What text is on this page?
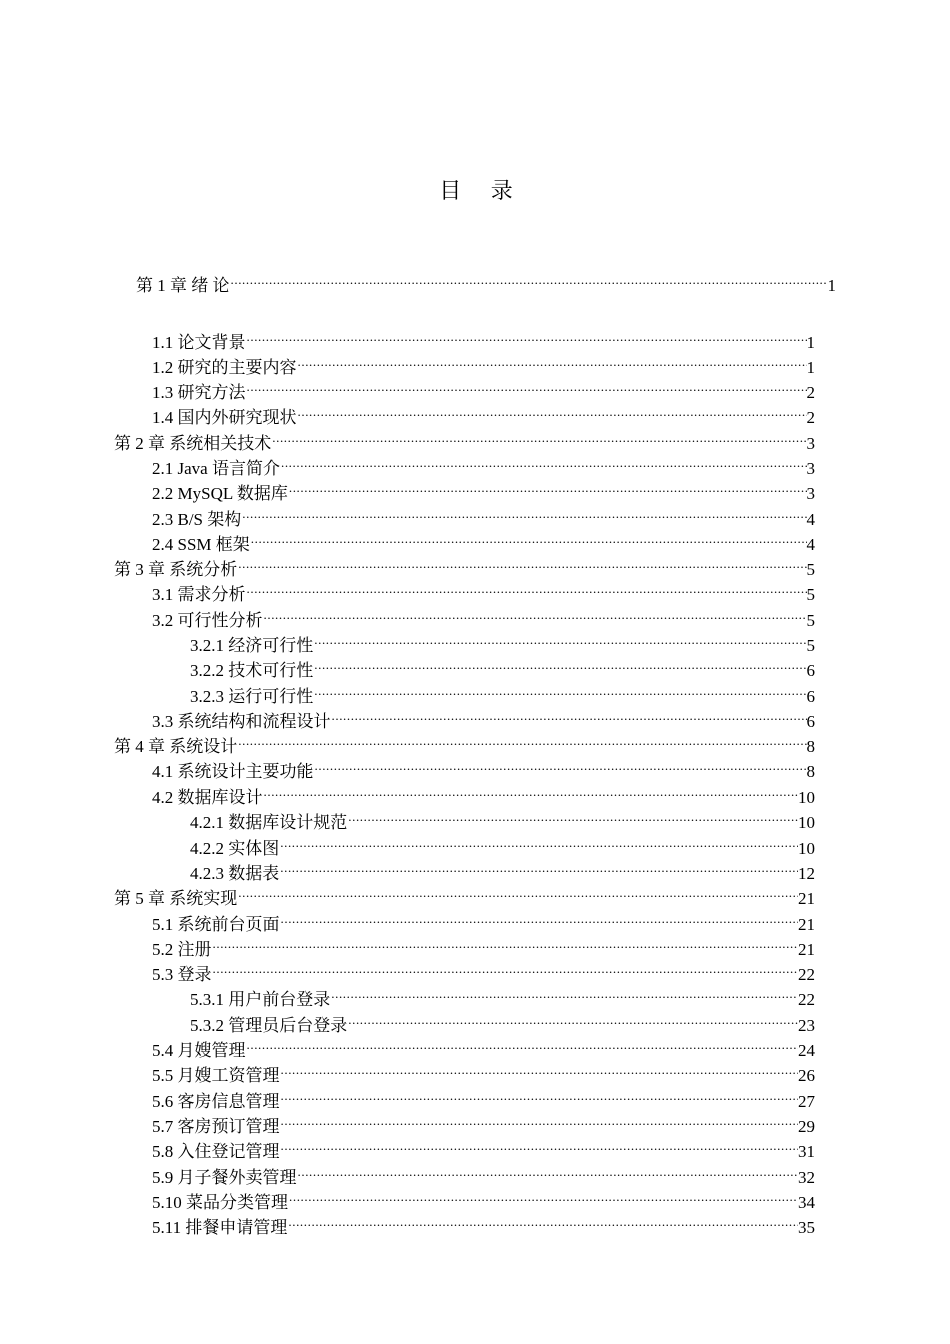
目 录
第 1 章 绪 论 .....	1
1.1 论文背景 .....	1
1.2 研究的主要内容 .....	1
1.3 研究方法 .....	2
1.4 国内外研究现状 .....	2
第 2 章 系统相关技术 .....	3
2.1 Java 语言简介 .....	3
2.2 MySQL 数据库 .....	3
2.3 B/S 架构 .....	4
2.4 SSM 框架 .....	4
第 3 章 系统分析 .....	5
3.1 需求分析 .....	5
3.2 可行性分析 .....	5
3.2.1 经济可行性 .....	5
3.2.2 技术可行性 .....	6
3.2.3 运行可行性 .....	6
3.3 系统结构和流程设计 .....	6
第 4 章 系统设计 .....	8
4.1 系统设计主要功能 .....	8
4.2 数据库设计 .....	10
4.2.1 数据库设计规范 .....	10
4.2.2 实体图 .....	10
4.2.3 数据表 .....	12
第 5 章 系统实现 .....	21
5.1 系统前台页面 .....	21
5.2 注册 .....	21
5.3 登录 .....	22
5.3.1 用户前台登录 .....	22
5.3.2 管理员后台登录 .....	23
5.4 月嫂管理 .....	24
5.5 月嫂工资管理 .....	26
5.6 客房信息管理 .....	27
5.7 客房预订管理 .....	29
5.8 入住登记管理 .....	31
5.9 月子餐外卖管理 .....	32
5.10 菜品分类管理 .....	34
5.11 排餐申请管理 .....	35
